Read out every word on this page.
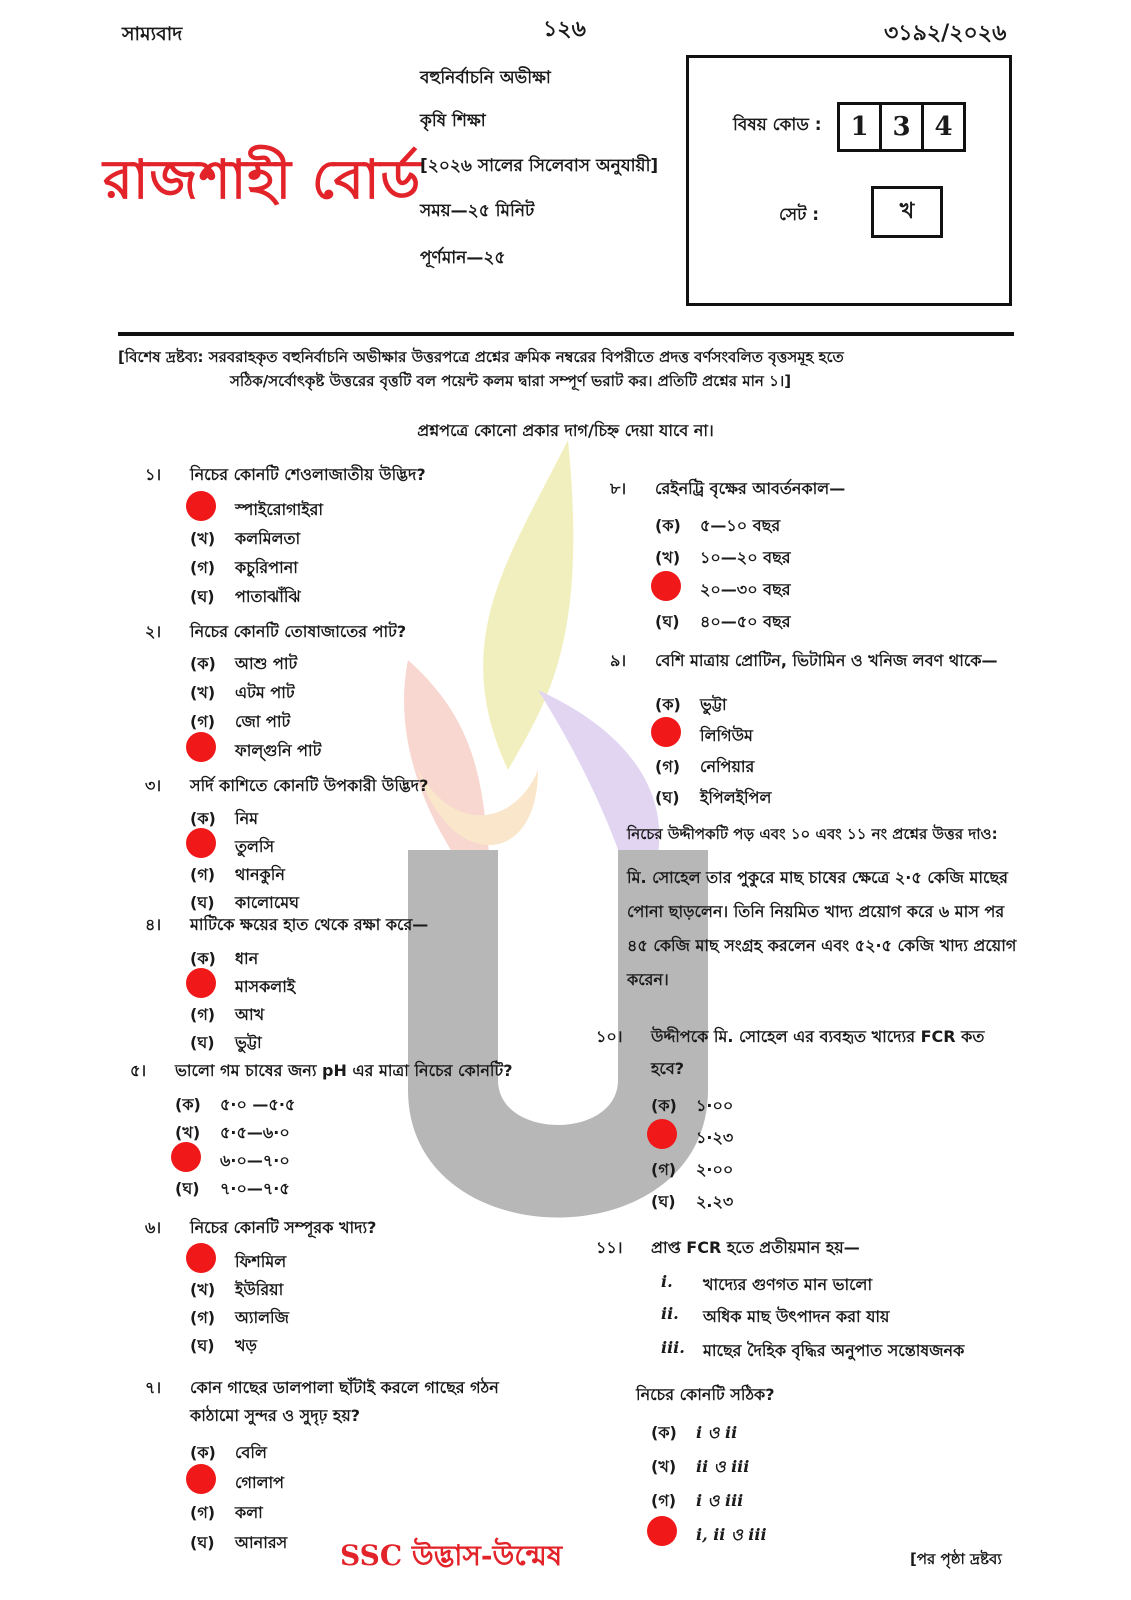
সাম্যবাদ	১২৬	৩১৯২/২০২৬
রাজশাহী বোর্ড
বহুনির্বাচনি অভীক্ষা
কৃষি শিক্ষা
[২০২৬ সালের সিলেবাস অনুযায়ী]
সময়—২৫ মিনিট
পূর্ণমান—২৫
বিষয় কোড :	1 3 4
সেট :	খ
[বিশেষ দ্রষ্টব্য: সরবরাহকৃত বহুনির্বাচনি অভীক্ষার উত্তরপত্রে প্রশ্নের ক্রমিক নম্বরের বিপরীতে প্রদত্ত বর্ণসংবলিত বৃত্তসমূহ হতে
সঠিক/সর্বোৎকৃষ্ট উত্তরের বৃত্তটি বল পয়েন্ট কলম দ্বারা সম্পূর্ণ ভরাট কর। প্রতিটি প্রশ্নের মান ১।]
প্রশ্নপত্রে কোনো প্রকার দাগ/চিহ্ন দেয়া যাবে না।
১। নিচের কোনটি শেওলাজাতীয় উদ্ভিদ?
স্পাইরোগাইরা
(খ) কলমিলতা
(গ) কচুরিপানা
(ঘ) পাতাঝাঁঝি
২। নিচের কোনটি তোষাজাতের পাট?
(ক) আশু পাট
(খ) এটম পাট
(গ) জো পাট
ফাল্গুনি পাট
৩। সর্দি কাশিতে কোনটি উপকারী উদ্ভিদ?
(ক) নিম
তুলসি
(গ) থানকুনি
(ঘ) কালোমেঘ
৪। মাটিকে ক্ষয়ের হাত থেকে রক্ষা করে—
(ক) ধান
মাসকলাই
(গ) আখ
(ঘ) ভুট্টা
৫। ভালো গম চাষের জন্য pH এর মাত্রা নিচের কোনটি?
(ক) ৫·০ —৫·৫
(খ) ৫·৫—৬·০
৬·০—৭·০
(ঘ) ৭·০—৭·৫
৬। নিচের কোনটি সম্পূরক খাদ্য?
ফিশমিল
(খ) ইউরিয়া
(গ) অ্যালজি
(ঘ) খড়
৭। কোন গাছের ডালপালা ছাঁটাই করলে গাছের গঠন
কাঠামো সুন্দর ও সুদৃঢ় হয়?
(ক) বেলি
গোলাপ
(গ) কলা
(ঘ) আনারস
৮। রেইনট্রি বৃক্ষের আবর্তনকাল—
(ক) ৫—১০ বছর
(খ) ১০—২০ বছর
২০—৩০ বছর
(ঘ) ৪০—৫০ বছর
৯। বেশি মাত্রায় প্রোটিন, ভিটামিন ও খনিজ লবণ থাকে—
(ক) ভুট্টা
লিগিউম
(গ) নেপিয়ার
(ঘ) ইপিলইপিল
১০। উদ্দীপকে মি. সোহেল এর ব্যবহৃত খাদ্যের FCR কত
হবে?
(ক) ১·০০
১·২৩
(গ) ২·০০
(ঘ) ২.২৩
১১। প্রাপ্ত FCR হতে প্রতীয়মান হয়—
i. খাদ্যের গুণগত মান ভালো
ii. অধিক মাছ উৎপাদন করা যায়
iii. মাছের দৈহিক বৃদ্ধির অনুপাত সন্তোষজনক
নিচের কোনটি সঠিক?
(ক) i ও ii
(খ) ii ও iii
(গ) i ও iii
i, ii ও iii
নিচের উদ্দীপকটি পড় এবং ১০ এবং ১১ নং প্রশ্নের উত্তর দাও:
মি. সোহেল তার পুকুরে মাছ চাষের ক্ষেত্রে ২·৫ কেজি মাছের
পোনা ছাড়লেন। তিনি নিয়মিত খাদ্য প্রয়োগ করে ৬ মাস পর
৪৫ কেজি মাছ সংগ্রহ করলেন এবং ৫২·৫ কেজি খাদ্য প্রয়োগ
করেন।
SSC উদ্ভাস-উন্মেষ	[পর পৃষ্ঠা দ্রষ্টব্য
